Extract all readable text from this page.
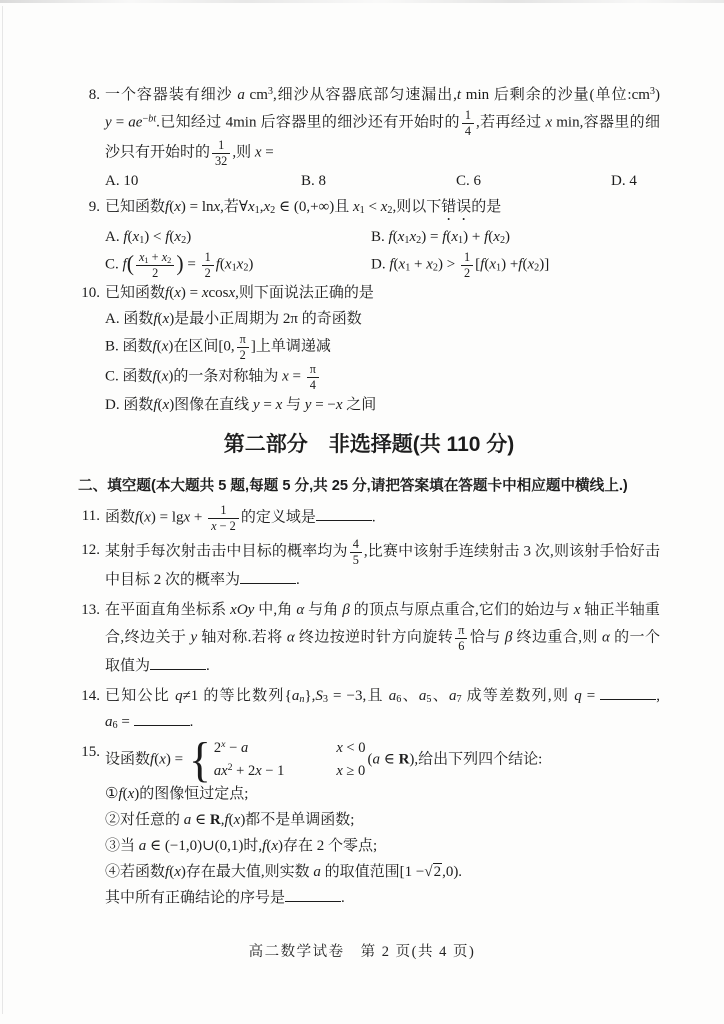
8. 一个容器装有细沙 a $cm^3$,细沙从容器底部匀速漏出,t min 后剩余的沙量(单位$:cm^3$)
$y = ae^{-bt}$.已知经过 4min 后容器里的细沙还有开始时的 $\frac{1}{4}$ ,若再经过 x min,容器里的细
沙只有开始时的 $\frac{1}{32}$ ,则 x =
A. 10	B. 8	C. 6	D. 4
9. 已知函数f(x) = lnx,若$\forall x_1,x_2$ ∈ (0,+∞)且 $x_1 < x_2$,则以下错误的是
A. $f(x_1) < f(x_2)$	B. $f(x_1x_2) = f(x_1) + f(x_2)$
C. $f( \frac{x_1 + x_2}{2}$ ) = $\frac{1}{2} f(x_1x_2)$	D. $f(x_1 + x_2) > \frac{1}{2} [f(x_1) +f(x_2)]$
10. 已知函数f(x) = xcosx,则下面说法正确的是
A. 函数f(x)是最小正周期为 2π 的奇函数
B. 函数f(x)在区间[0, $\frac{\pi}{2}$ ]上单调递减
C. 函数f(x)的一条对称轴为 $x = \frac{\pi}{4}$
D. 函数f(x)图像在直线 y = x 与 y = −x 之间
第二部分　非选择题(共 110 分)
二、填空题(本大题共 5 题,每题 5 分,共 25 分,请把答案填在答题卡中相应题中横线上.)
11. 函数$f(x) = \lg x + \frac{1}{x - 2}$ 的定义域是	.
12. 某射手每次射击击中目标的概率均为 $\frac{4}{5}$ ,比赛中该射手连续射击 3 次,则该射手恰好击
中目标 2 次的概率为	.
13. 在平面直角坐标系 xOy 中,角 α 与角 β 的顶点与原点重合,它们的始边与 x 轴正半轴重
合,终边关于 y 轴对称.若将 α 终边按逆时针方向旋转 $\frac{\pi}{6}$ 恰与 β 终边重合,则 α 的一个
取值为	.
14. 已知公比 q≠1 的等比数列$\{a_n\},S_3 = -3$,且 $a_6$、$a_5$、$a_7$ 成等差数列,则 q =	,
$a_6$ =	.
15. 设函数f(x) = { $2^x - a$	x < 0
$ax^2 + 2x - 1$	x ≥ 0
(a ∈ R),给出下列四个结论:
①f(x)的图像恒过定点;
②对任意的 a ∈ R,f(x)都不是单调函数;
③当 a ∈ (−1,0)∪(0,1)时,f(x)存在 2 个零点;
④若函数f(x)存在最大值,则实数 a 的取值范围[1 −√2,0).
其中所有正确结论的序号是	.
高二数学试卷　第 2 页(共 4 页)
